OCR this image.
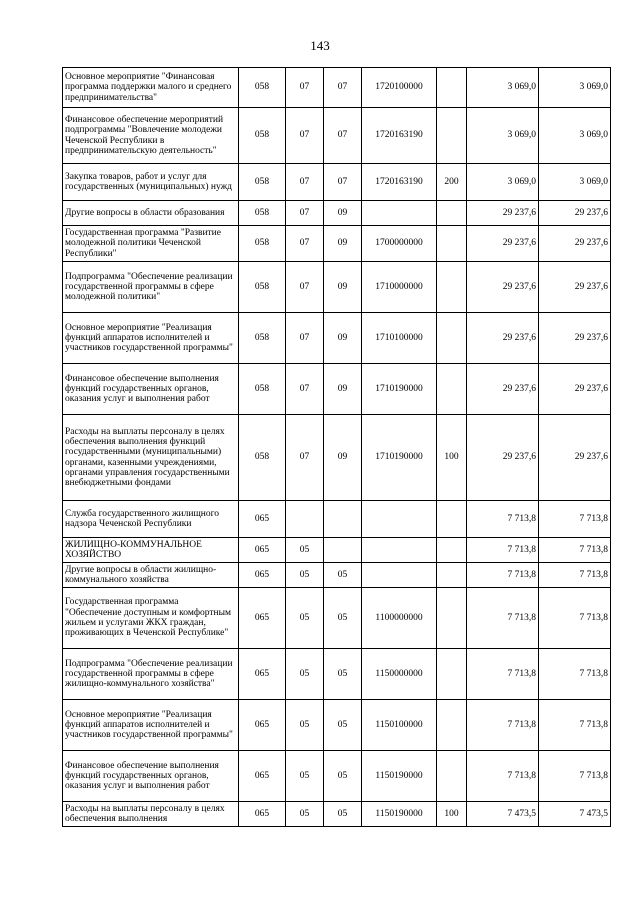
143
Основное мероприятие "Финансовая программа поддержки малого и среднего предпринимательства"	058	07	07	1720100000		3 069,0	3 069,0
Финансовое обеспечение мероприятий подпрограммы "Вовлечение молодежи Чеченской Республики в предпринимательскую деятельность"	058	07	07	1720163190		3 069,0	3 069,0
Закупка товаров, работ и услуг для государственных (муниципальных) нужд	058	07	07	1720163190	200	3 069,0	3 069,0
Другие вопросы в области образования	058	07	09			29 237,6	29 237,6
Государственная программа "Развитие молодежной политики Чеченской Республики"	058	07	09	1700000000		29 237,6	29 237,6
Подпрограмма "Обеспечение реализации государственной программы в сфере молодежной политики"	058	07	09	1710000000		29 237,6	29 237,6
Основное мероприятие "Реализация функций аппаратов исполнителей и участников государственной программы"	058	07	09	1710100000		29 237,6	29 237,6
Финансовое обеспечение выполнения функций государственных органов, оказания услуг и выполнения работ	058	07	09	1710190000		29 237,6	29 237,6
Расходы на выплаты персоналу в целях обеспечения выполнения функций государственными (муниципальными) органами, казенными учреждениями, органами управления государственными внебюджетными фондами	058	07	09	1710190000	100	29 237,6	29 237,6
Служба государственного жилищного надзора Чеченской Республики	065					7 713,8	7 713,8
ЖИЛИЩНО-КОММУНАЛЬНОЕ ХОЗЯЙСТВО	065	05				7 713,8	7 713,8
Другие вопросы в области жилищно-коммунального хозяйства	065	05	05			7 713,8	7 713,8
Государственная программа "Обеспечение доступным и комфортным жильем и услугами ЖКХ граждан, проживающих в Чеченской Республике"	065	05	05	1100000000		7 713,8	7 713,8
Подпрограмма "Обеспечение реализации государственной программы в сфере жилищно-коммунального хозяйства"	065	05	05	1150000000		7 713,8	7 713,8
Основное мероприятие "Реализация функций аппаратов исполнителей и участников государственной программы"	065	05	05	1150100000		7 713,8	7 713,8
Финансовое обеспечение выполнения функций государственных органов, оказания услуг и выполнения работ	065	05	05	1150190000		7 713,8	7 713,8
Расходы на выплаты персоналу в целях обеспечения выполнения	065	05	05	1150190000	100	7 473,5	7 473,5
